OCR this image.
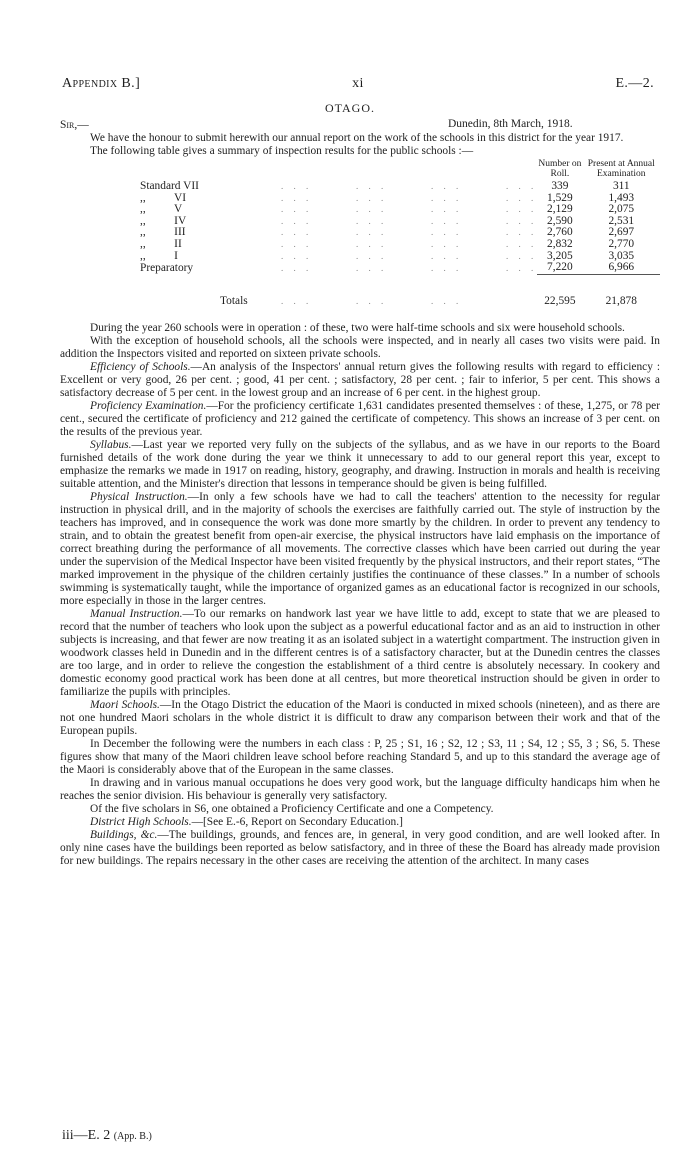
Appendix B.]	xi	E.—2.
OTAGO.
Sir,—	Dunedin, 8th March, 1918.

We have the honour to submit herewith our annual report on the work of the schools in this district for the year 1917.

The following table gives a summary of inspection results for the public schools :—

		Number on Roll.	Present at Annual Examination
Standard VII	. . .       . . .       . . .       . . .	339	311
,,          VI	. . .       . . .       . . .       . . .	1,529	1,493
,,          V	. . .       . . .       . . .       . . .	2,129	2,075
,,          IV	. . .       . . .       . . .       . . .	2,590	2,531
,,          III	. . .       . . .       . . .       . . .	2,760	2,697
,,          II	. . .       . . .       . . .       . . .	2,832	2,770
,,          I	. . .       . . .       . . .       . . .	3,205	3,035
Preparatory	. . .       . . .       . . .       . . .	7,220	6,966

Totals	. . .       . . .       . . .	22,595	21,878

During the year 260 schools were in operation : of these, two were half-time schools and six were household schools.

With the exception of household schools, all the schools were inspected, and in nearly all cases two visits were paid. In addition the Inspectors visited and reported on sixteen private schools.

Efficiency of Schools.—An analysis of the Inspectors' annual return gives the following results with regard to efficiency : Excellent or very good, 26 per cent. ; good, 41 per cent. ; satisfactory, 28 per cent. ; fair to inferior, 5 per cent. This shows a satisfactory decrease of 5 per cent. in the lowest group and an increase of 6 per cent. in the highest group.

Proficiency Examination.—For the proficiency certificate 1,631 candidates presented themselves : of these, 1,275, or 78 per cent., secured the certificate of proficiency and 212 gained the certificate of competency. This shows an increase of 3 per cent. on the results of the previous year.

Syllabus.—Last year we reported very fully on the subjects of the syllabus, and as we have in our reports to the Board furnished details of the work done during the year we think it unnecessary to add to our general report this year, except to emphasize the remarks we made in 1917 on reading, history, geography, and drawing. Instruction in morals and health is receiving suitable attention, and the Minister's direction that lessons in temperance should be given is being fulfilled.

Physical Instruction.—In only a few schools have we had to call the teachers' attention to the necessity for regular instruction in physical drill, and in the majority of schools the exercises are faithfully carried out. The style of instruction by the teachers has improved, and in consequence the work was done more smartly by the children. In order to prevent any tendency to strain, and to obtain the greatest benefit from open-air exercise, the physical instructors have laid emphasis on the importance of correct breathing during the performance of all movements. The corrective classes which have been carried out during the year under the supervision of the Medical Inspector have been visited frequently by the physical instructors, and their report states, “The marked improvement in the physique of the children certainly justifies the continuance of these classes.” In a number of schools swimming is systematically taught, while the importance of organized games as an educational factor is recognized in our schools, more especially in those in the larger centres.

Manual Instruction.—To our remarks on handwork last year we have little to add, except to state that we are pleased to record that the number of teachers who look upon the subject as a powerful educational factor and as an aid to instruction in other subjects is increasing, and that fewer are now treating it as an isolated subject in a watertight compartment. The instruction given in woodwork classes held in Dunedin and in the different centres is of a satisfactory character, but at the Dunedin centres the classes are too large, and in order to relieve the congestion the establishment of a third centre is absolutely necessary. In cookery and domestic economy good practical work has been done at all centres, but more theoretical instruction should be given in order to familiarize the pupils with principles.

Maori Schools.—In the Otago District the education of the Maori is conducted in mixed schools (nineteen), and as there are not one hundred Maori scholars in the whole district it is difficult to draw any comparison between their work and that of the European pupils.

In December the following were the numbers in each class : P, 25 ; S1, 16 ; S2, 12 ; S3, 11 ; S4, 12 ; S5, 3 ; S6, 5. These figures show that many of the Maori children leave school before reaching Standard 5, and up to this standard the average age of the Maori is considerably above that of the European in the same classes.

In drawing and in various manual occupations he does very good work, but the language difficulty handicaps him when he reaches the senior division. His behaviour is generally very satisfactory.

Of the five scholars in S6, one obtained a Proficiency Certificate and one a Competency.

District High Schools.—[See E.-6, Report on Secondary Education.]

Buildings, &c.—The buildings, grounds, and fences are, in general, in very good condition, and are well looked after. In only nine cases have the buildings been reported as below satisfactory, and in three of these the Board has already made provision for new buildings. The repairs necessary in the other cases are receiving the attention of the architect. In many cases

iii—E. 2 (App. B.)
